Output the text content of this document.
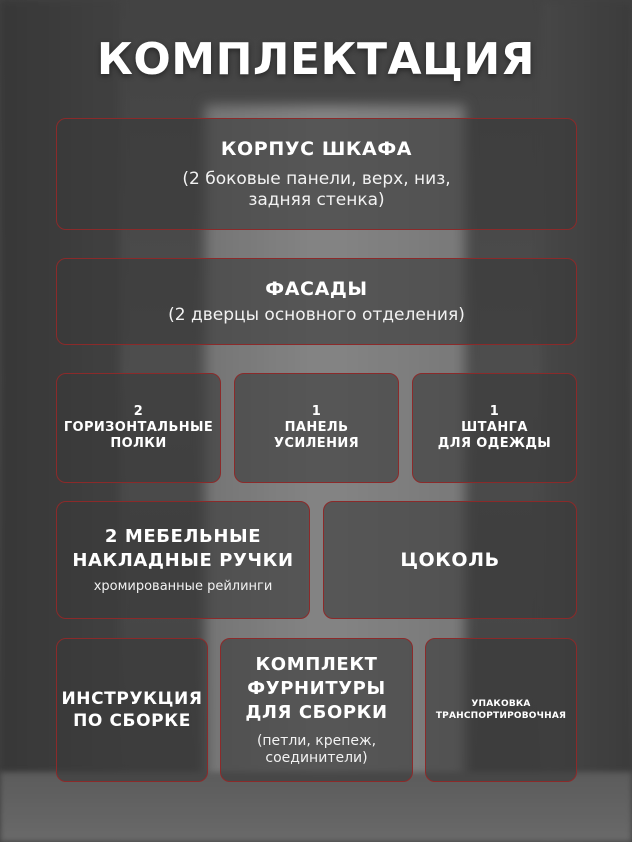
КОМПЛЕКТАЦИЯ
КОРПУС ШКАФА
(2 боковые панели, верх, низ,
задняя стенка)
ФАСАДЫ
(2 дверцы основного отделения)
2
ГОРИЗОНТАЛЬНЫЕ
ПОЛКИ
1
ПАНЕЛЬ
УСИЛЕНИЯ
1
ШТАНГА
ДЛЯ ОДЕЖДЫ
2 МЕБЕЛЬНЫЕ
НАКЛАДНЫЕ РУЧКИ
хромированные рейлинги
ЦОКОЛЬ
ИНСТРУКЦИЯ
ПО СБОРКЕ
КОМПЛЕКТ
ФУРНИТУРЫ
ДЛЯ СБОРКИ
(петли, крепеж,
соединители)
УПАКОВКА
ТРАНСПОРТИРОВОЧНАЯ
